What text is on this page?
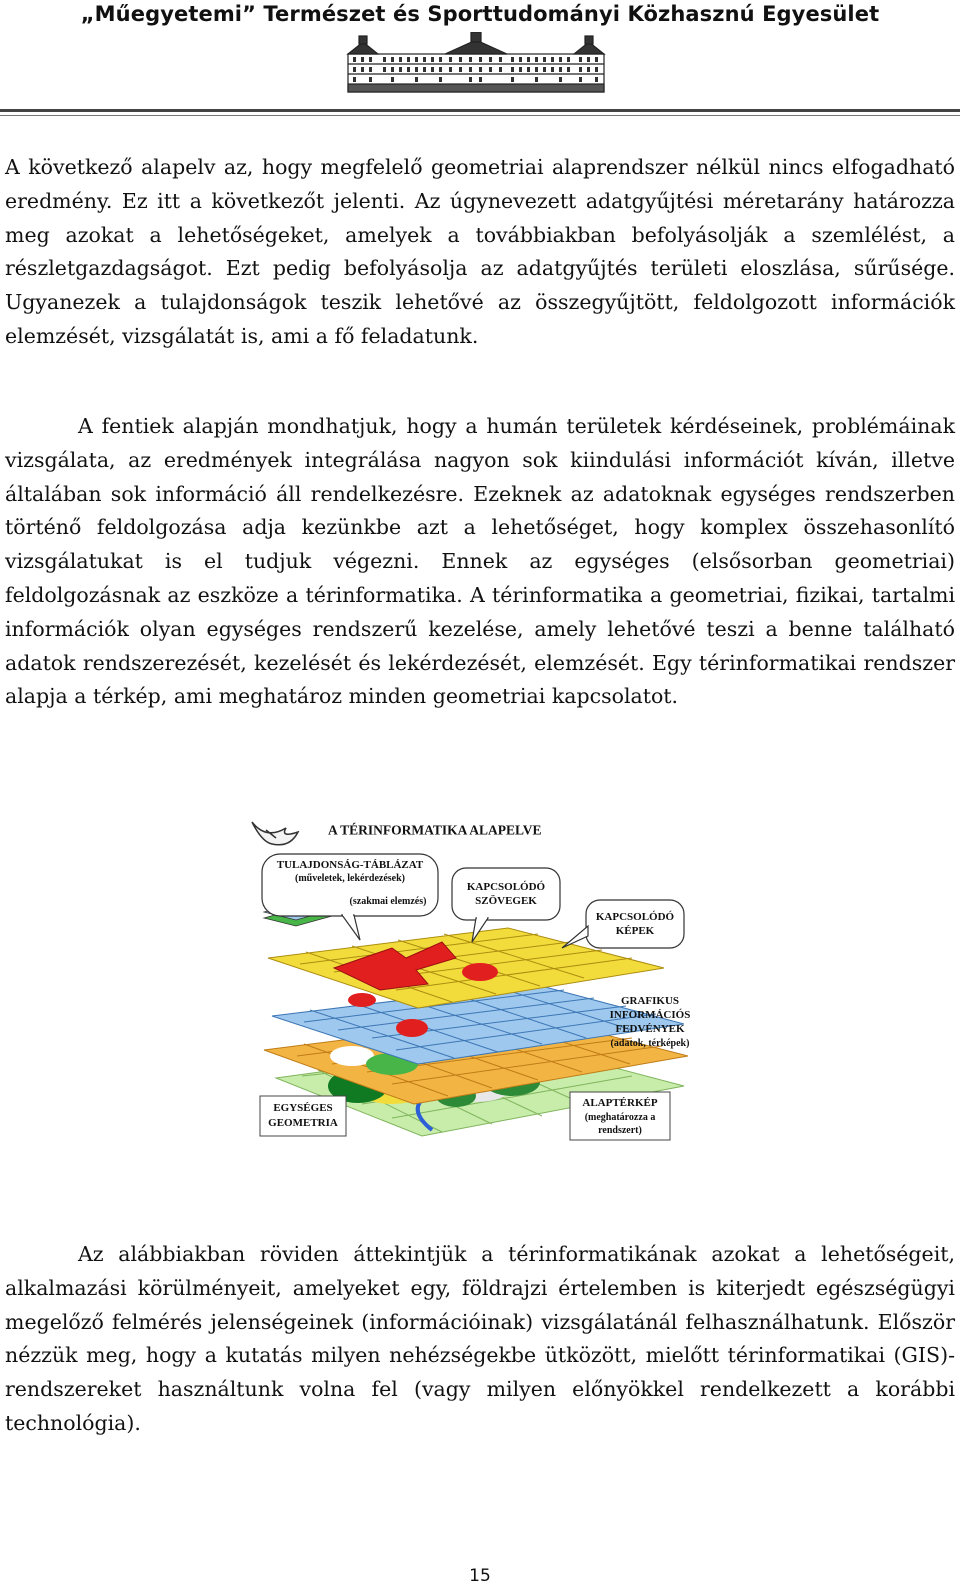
„Műegyetemi” Természet és Sporttudományi Közhasznú Egyesület

A következő alapelv az, hogy megfelelő geometriai alaprendszer nélkül nincs elfogadható eredmény. Ez itt a következőt jelenti. Az úgynevezett adatgyűjtési méretarány határozza meg azokat a lehetőségeket, amelyek a továbbiakban befolyásolják a szemlélést, a részletgazdagságot. Ezt pedig befolyásolja az adatgyűjtés területi eloszlása, sűrűsége. Ugyanezek a tulajdonságok teszik lehetővé az összegyűjtött, feldolgozott információk elemzését, vizsgálatát is, ami a fő feladatunk.

A fentiek alapján mondhatjuk, hogy a humán területek kérdéseinek, problémáinak vizsgálata, az eredmények integrálása nagyon sok kiindulási információt kíván, illetve általában sok információ áll rendelkezésre. Ezeknek az adatoknak egységes rendszerben történő feldolgozása adja kezünkbe azt a lehetőséget, hogy komplex összehasonlító vizsgálatukat is el tudjuk végezni. Ennek az egységes (elsősorban geometriai) feldolgozásnak az eszköze a térinformatika. A térinformatika a geometriai, fizikai, tartalmi információk olyan egységes rendszerű kezelése, amely lehetővé teszi a benne található adatok rendszerezését, kezelését és lekérdezését, elemzését. Egy térinformatikai rendszer alapja a térkép, ami meghatároz minden geometriai kapcsolatot.

A TÉRINFORMATIKA ALAPELVE
EGYSÉGES
GEOMETRIA
ALAPTÉRKÉP
(meghatározza a
rendszert)
TULAJDONSÁG-TÁBLÁZAT
(műveletek, lekérdezések)
(szakmai elemzés)
KAPCSOLÓDÓ
SZÖVEGEK
KAPCSOLÓDÓ
KÉPEK
GRAFIKUS
INFORMÁCIÓS
FEDVÉNYEK
(adatok, térképek)

Az alábbiakban röviden áttekintjük a térinformatikának azokat a lehetőségeit, alkalmazási körülményeit, amelyeket egy, földrajzi értelemben is kiterjedt egészségügyi megelőző felmérés jelenségeinek (információinak) vizsgálatánál felhasználhatunk. Először nézzük meg, hogy a kutatás milyen nehézségekbe ütközött, mielőtt térinformatikai (GIS)-rendszereket használtunk volna fel (vagy milyen előnyökkel rendelkezett a korábbi technológia).

15
